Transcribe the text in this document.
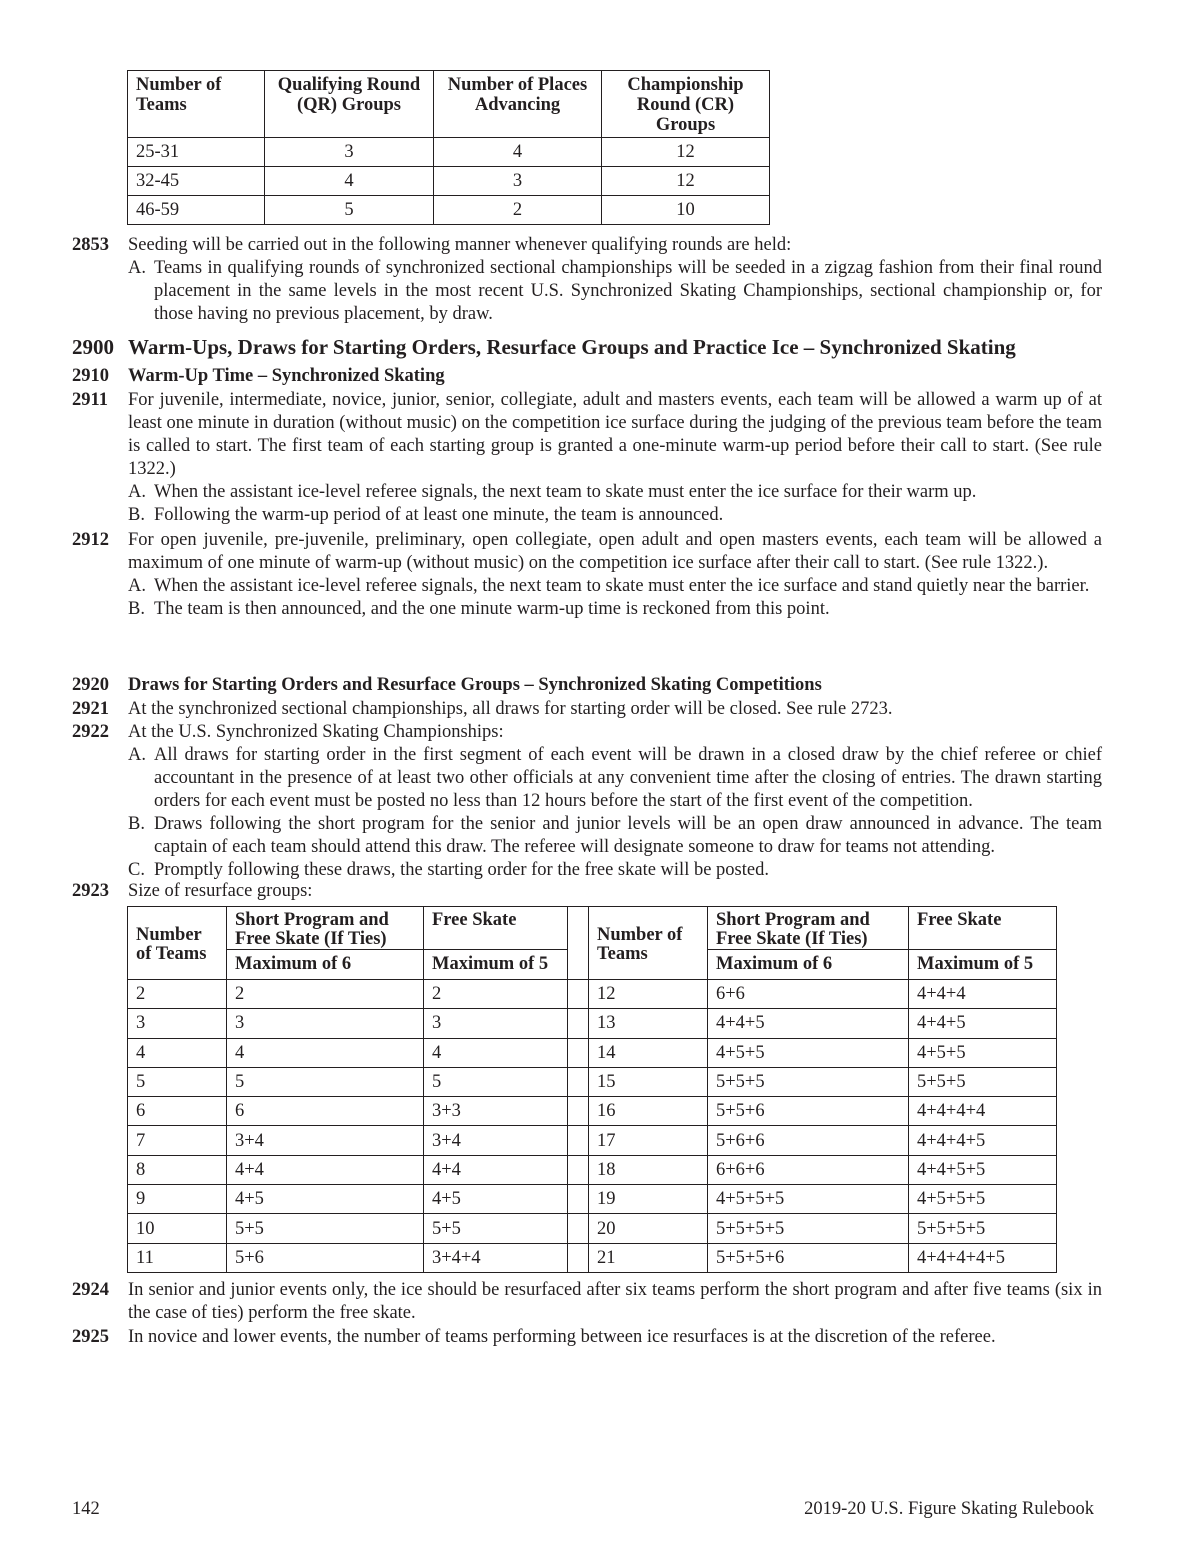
Number of Teams	Qualifying Round (QR) Groups	Number of Places Advancing	Championship Round (CR) Groups
25-31	3	4	12
32-45	4	3	12
46-59	5	2	10
2853 Seeding will be carried out in the following manner whenever qualifying rounds are held:
A. Teams in qualifying rounds of synchronized sectional championships will be seeded in a zigzag fashion from their final round placement in the same levels in the most recent U.S. Synchronized Skating Championships, sectional championship or, for those having no previous placement, by draw.
2900 Warm-Ups, Draws for Starting Orders, Resurface Groups and Practice Ice – Synchronized Skating
2910 Warm-Up Time – Synchronized Skating
2911 For juvenile, intermediate, novice, junior, senior, collegiate, adult and masters events, each team will be allowed a warm up of at least one minute in duration (without music) on the competition ice surface during the judging of the previous team before the team is called to start. The first team of each starting group is granted a one-minute warm-up period before their call to start. (See rule 1322.)
A. When the assistant ice-level referee signals, the next team to skate must enter the ice surface for their warm up.
B. Following the warm-up period of at least one minute, the team is announced.
2912 For open juvenile, pre-juvenile, preliminary, open collegiate, open adult and open masters events, each team will be allowed a maximum of one minute of warm-up (without music) on the competition ice surface after their call to start. (See rule 1322.).
A. When the assistant ice-level referee signals, the next team to skate must enter the ice surface and stand quietly near the barrier.
B. The team is then announced, and the one minute warm-up time is reckoned from this point.
2920 Draws for Starting Orders and Resurface Groups – Synchronized Skating Competitions
2921 At the synchronized sectional championships, all draws for starting order will be closed. See rule 2723.
2922 At the U.S. Synchronized Skating Championships:
A. All draws for starting order in the first segment of each event will be drawn in a closed draw by the chief referee or chief accountant in the presence of at least two other officials at any convenient time after the closing of entries. The drawn starting orders for each event must be posted no less than 12 hours before the start of the first event of the competition.
B. Draws following the short program for the senior and junior levels will be an open draw announced in advance. The team captain of each team should attend this draw. The referee will designate someone to draw for teams not attending.
C. Promptly following these draws, the starting order for the free skate will be posted.
2923 Size of resurface groups:
Number of Teams	Short Program and Free Skate (If Ties)	Free Skate		Number of Teams	Short Program and Free Skate (If Ties)	Free Skate
	Maximum of 6	Maximum of 5			Maximum of 6	Maximum of 5
2	2	2		12	6+6	4+4+4
3	3	3		13	4+4+5	4+4+5
4	4	4		14	4+5+5	4+5+5
5	5	5		15	5+5+5	5+5+5
6	6	3+3		16	5+5+6	4+4+4+4
7	3+4	3+4		17	5+6+6	4+4+4+5
8	4+4	4+4		18	6+6+6	4+4+5+5
9	4+5	4+5		19	4+5+5+5	4+5+5+5
10	5+5	5+5		20	5+5+5+5	5+5+5+5
11	5+6	3+4+4		21	5+5+5+6	4+4+4+4+5
2924 In senior and junior events only, the ice should be resurfaced after six teams perform the short program and after five teams (six in the case of ties) perform the free skate.
2925 In novice and lower events, the number of teams performing between ice resurfaces is at the discretion of the referee.
142	2019-20 U.S. Figure Skating Rulebook
